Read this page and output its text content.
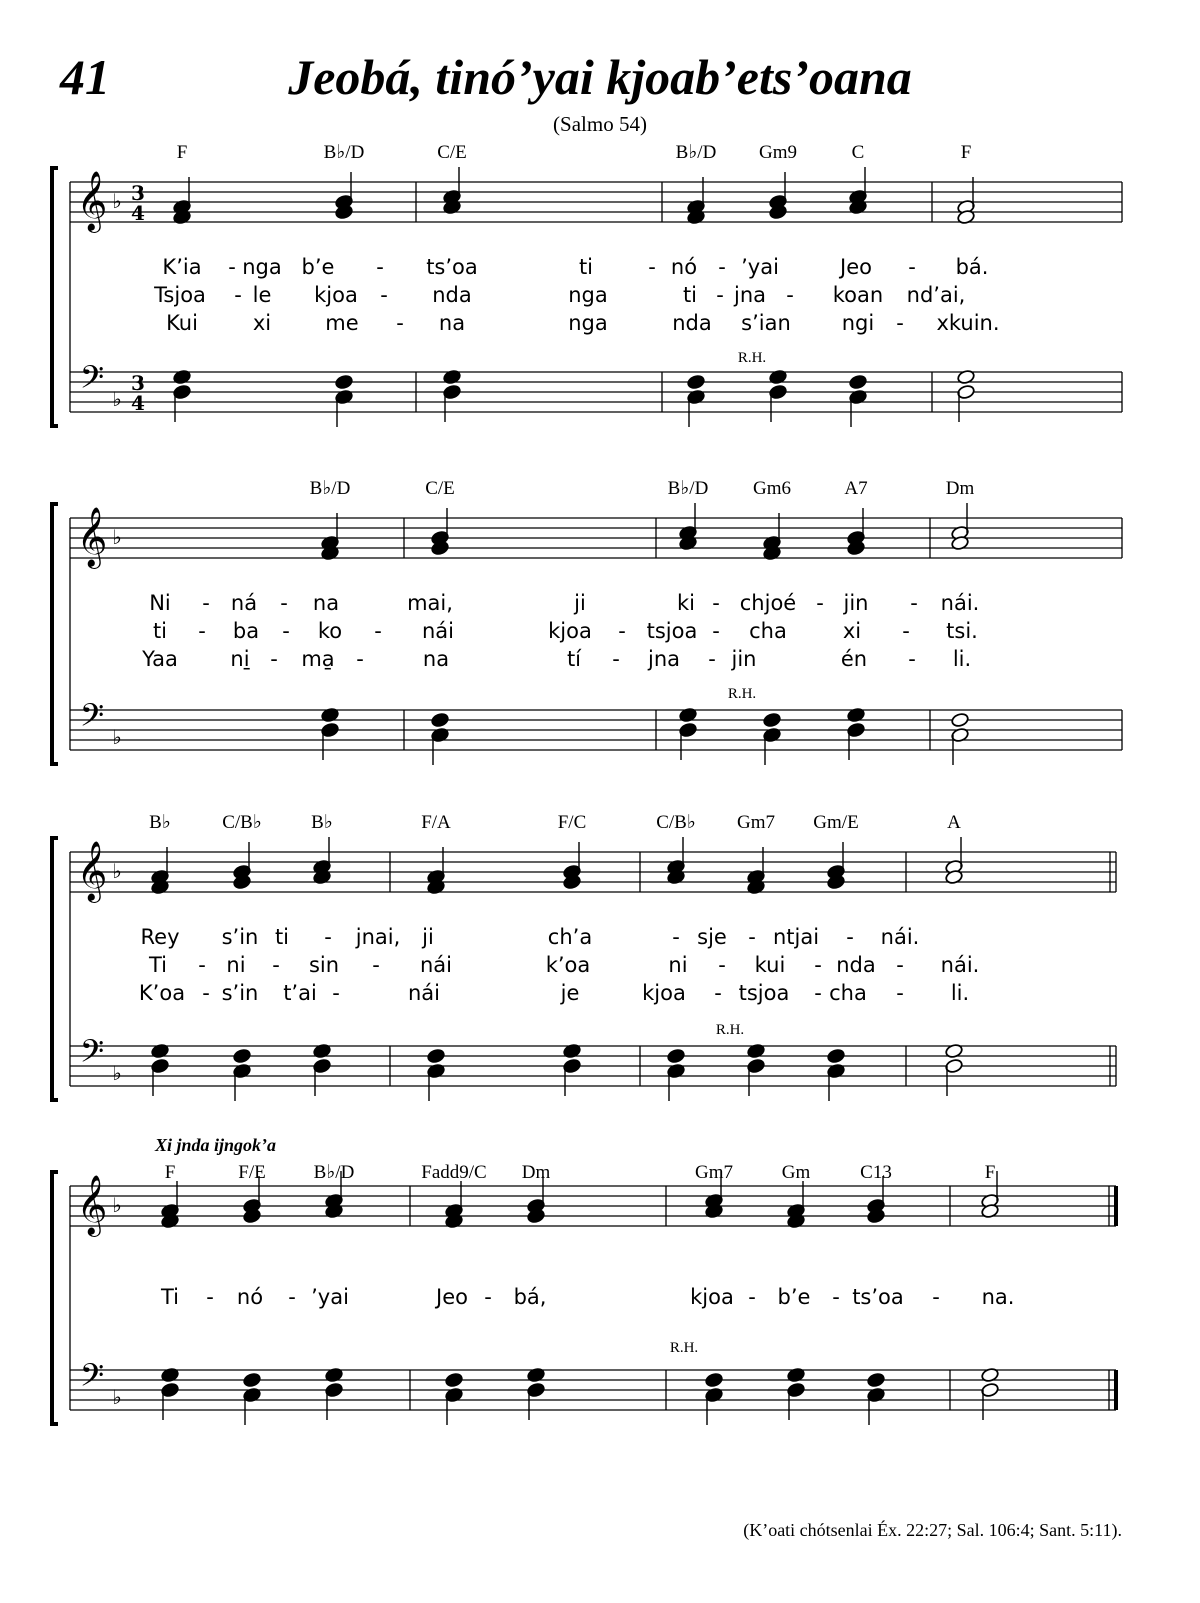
41	Jeobá, tinó’yai kjoab’ets’oana
(Salmo 54)
Xi jnda ijngok’a
(K’oati chótsenlai Éx. 22:27; Sal. 106:4; Sant. 5:11).
𝄞 ♭ 3
4
𝄢 ♭
3
4
F	B♭/D	C/E	B♭/D Gm9	C	F
R.H.
K’ia - nga b’e - ts’oa	ti	- nó - ’yai	Jeo - bá.
Tsjoa - le kjoa - nda	nga	ti - jna - koan nd’ai,
Kui	xi	me - na	nga	nda s’ian ngi - xkuin.
𝄞 ♭
𝄢 ♭
B♭/D	C/E	B♭/D Gm6	A7	Dm
R.H.
Ni - ná - na	mai,	ji	ki - chjoé - jin - nái.
ti - ba - ko - nái	kjoa - tsjoa - cha	xi - tsi.
Yaa	ni̱ - ma̱ -	na	tí - jna - jin	én - li.
𝄞 ♭
𝄢 ♭
B♭	C/B♭	B♭	F/A	F/C	C/B♭ Gm7 Gm/E	A
R.H.
Rey s’in ti - jnai, ji	ch’a	- sje - ntjai - nái.
Ti - ni - sin - nái	k’oa	ni - kui - nda - nái.
K’oa - s’in t’ai -	nái	je	kjoa - tsjoa - cha - li.
𝄞 ♭
𝄢 ♭
F	F/E	B♭/D	Fadd9/C Dm	Gm7	Gm	C13	F
R.H.
Ti - nó - ’yai	Jeo - bá,	kjoa - b’e - ts’oa - na.
